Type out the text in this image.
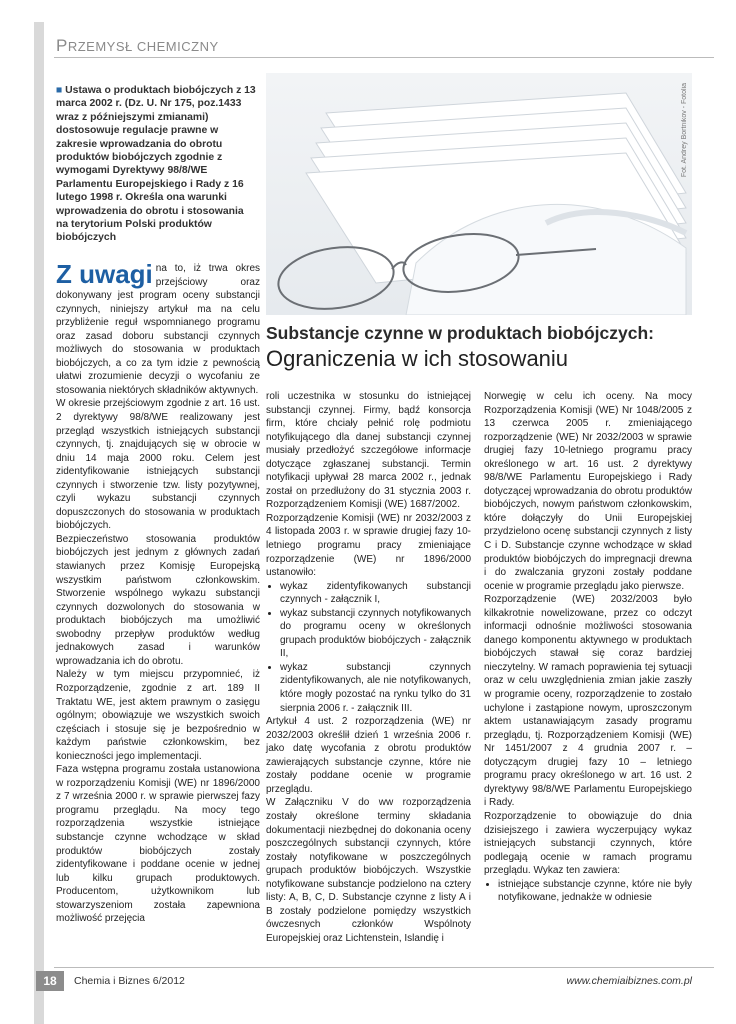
PRZEMYSŁ CHEMICZNY
■ Ustawa o produktach biobójczych z 13 marca 2002 r. (Dz. U. Nr 175, poz.1433 wraz z późniejszymi zmianami) dostosowuje regulacje prawne w zakresie wprowadzania do obrotu produktów biobójczych zgodnie z wymogami Dyrektywy 98/8/WE Parlamentu Europejskiego i Rady z 16 lutego 1998 r. Określa ona warunki wprowadzenia do obrotu i stosowania na terytorium Polski produktów biobójczych
Fot. Andrey Bortnikov - Fotolia
Substancje czynne w produktach biobójczych:
Ograniczenia w ich stosowaniu

Z uwagi na to, iż trwa okres przejściowy oraz dokonywany jest program oceny substancji czynnych, niniejszy artykuł ma na celu przybliżenie reguł wspomnianego programu oraz zasad doboru substancji czynnych możliwych do stosowania w produktach biobójczych, a co za tym idzie z pewnością ułatwi zrozumienie decyzji o wycofaniu ze stosowania niektórych składników aktywnych.

W okresie przejściowym zgodnie z art. 16 ust. 2 dyrektywy 98/8/WE realizowany jest przegląd wszystkich istniejących substancji czynnych, tj. znajdujących się w obrocie w dniu 14 maja 2000 roku. Celem jest zidentyfikowanie istniejących substancji czynnych i stworzenie tzw. listy pozytywnej, czyli wykazu substancji czynnych dopuszczonych do stosowania w produktach biobójczych.

Bezpieczeństwo stosowania produktów biobójczych jest jednym z głównych zadań stawianych przez Komisję Europejską wszystkim państwom członkowskim. Stworzenie wspólnego wykazu substancji czynnych dozwolonych do stosowania w produktach biobójczych ma umożliwić swobodny przepływ produktów według jednakowych zasad i warunków wprowadzania ich do obrotu.

Należy w tym miejscu przypomnieć, iż Rozporządzenie, zgodnie z art. 189 II Traktatu WE, jest aktem prawnym o zasięgu ogólnym; obowiązuje we wszystkich swoich częściach i stosuje się je bezpośrednio w każdym państwie członkowskim, bez konieczności jego implementacji.

Faza wstępna programu została ustanowiona w rozporządzeniu Komisji (WE) nr 1896/2000 z 7 września 2000 r. w sprawie pierwszej fazy programu przeglądu. Na mocy tego rozporządzenia wszystkie istniejące substancje czynne wchodzące w skład produktów biobójczych zostały zidentyfikowane i poddane ocenie w jednej lub kilku grupach produktowych. Producentom, użytkownikom lub stowarzyszeniom została zapewniona możliwość przejęcia

roli uczestnika w stosunku do istniejącej substancji czynnej. Firmy, bądź konsorcja firm, które chciały pełnić rolę podmiotu notyfikującego dla danej substancji czynnej musiały przedłożyć szczegółowe informacje dotyczące zgłaszanej substancji. Termin notyfikacji upływał 28 marca 2002 r., jednak został on przedłużony do 31 stycznia 2003 r. Rozporządzeniem Komisji (WE) 1687/2002.

Rozporządzenie Komisji (WE) nr 2032/2003 z 4 listopada 2003 r. w sprawie drugiej fazy 10-letniego programu pracy zmieniające rozporządzenie (WE) nr 1896/2000 ustanowiło:

• wykaz zidentyfikowanych substancji czynnych - załącznik I,
• wykaz substancji czynnych notyfikowanych do programu oceny w określonych grupach produktów biobójczych - załącznik II,
• wykaz substancji czynnych zidentyfikowanych, ale nie notyfikowanych, które mogły pozostać na rynku tylko do 31 sierpnia 2006 r. - załącznik III.

Artykuł 4 ust. 2 rozporządzenia (WE) nr 2032/2003 określił dzień 1 września 2006 r. jako datę wycofania z obrotu produktów zawierających substancje czynne, które nie zostały poddane ocenie w programie przeglądu.

W Załączniku V do ww rozporządzenia zostały określone terminy składania dokumentacji niezbędnej do dokonania oceny poszczególnych substancji czynnych, które zostały notyfikowane w poszczególnych grupach produktów biobójczych. Wszystkie notyfikowane substancje podzielono na cztery listy: A, B, C, D. Substancje czynne z listy A i B zostały podzielone pomiędzy wszystkich ówczesnych członków Wspólnoty Europejskiej oraz Lichtenstein, Islandię i

Norwegię w celu ich oceny. Na mocy Rozporządzenia Komisji (WE) Nr 1048/2005 z 13 czerwca 2005 r. zmieniającego rozporządzenie (WE) Nr 2032/2003 w sprawie drugiej fazy 10-letniego programu pracy określonego w art. 16 ust. 2 dyrektywy 98/8/WE Parlamentu Europejskiego i Rady dotyczącej wprowadzania do obrotu produktów biobójczych, nowym państwom członkowskim, które dołączyły do Unii Europejskiej przydzielono ocenę substancji czynnych z listy C i D. Substancje czynne wchodzące w skład produktów biobójczych do impregnacji drewna i do zwalczania gryzoni zostały poddane ocenie w programie przeglądu jako pierwsze.

Rozporządzenie (WE) 2032/2003 było kilkakrotnie nowelizowane, przez co odczyt informacji odnośnie możliwości stosowania danego komponentu aktywnego w produktach biobójczych stawał się coraz bardziej nieczytelny. W ramach poprawienia tej sytuacji oraz w celu uwzględnienia zmian jakie zaszły w programie oceny, rozporządzenie to zostało uchylone i zastąpione nowym, uproszczonym aktem ustanawiającym zasady programu przeglądu, tj. Rozporządzeniem Komisji (WE) Nr 1451/2007 z 4 grudnia 2007 r. – dotyczącym drugiej fazy 10 – letniego programu pracy określonego w art. 16 ust. 2 dyrektywy 98/8/WE Parlamentu Europejskiego i Rady.

Rozporządzenie to obowiązuje do dnia dzisiejszego i zawiera wyczerpujący wykaz istniejących substancji czynnych, które podlegają ocenie w ramach programu przeglądu. Wykaz ten zawiera:

• istniejące substancje czynne, które nie były notyfikowane, jednakże w odniesie
18	Chemia i Biznes 6/2012	www.chemiaibiznes.com.pl
